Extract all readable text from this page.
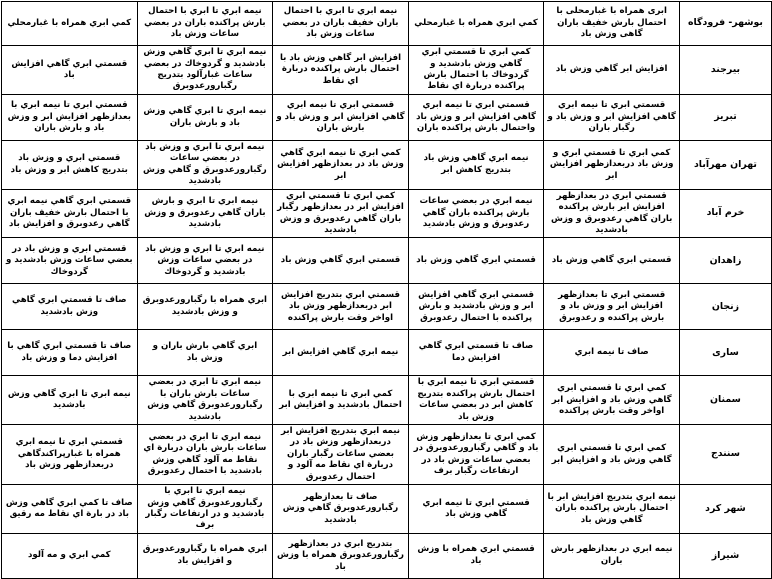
بوشهر- فرودگاه	ابری همراه با غبارمحلی با احتمال بارش خفیف باران گاهی وزش باد	كمي ابري همراه با غبارمحلي	نيمه ابري تا ابري با احتمال باران خفيف باران در بعضي ساعات وزش باد	نيمه ابري تا ابري با احتمال بارش پراكنده باران در بعضي ساعات وزش باد	كمي ابري همراه با غبارمحلي
بیرجند	افزايش ابر گاهي وزش باد	كمي ابري تا قسمتي ابري گاهي وزش بادشديد و گردوخاك با احتمال بارش پراكنده دربارة اي نقاط	افزايش ابر گاهي وزش باد با احتمال بارش پراكنده دربارة اي نقاط	نيمه ابري تا ابري گاهي وزش بادشديد و گردوخاك در بعضي ساعات غبارآلود بتدريج رگبارورعدوبرق	قسمتي ابري گاهي افزايش باد
تبریز	قسمتي ابري تا نيمه ابري گاهي افزايش ابر و وزش باد و رگبار باران	قسمتي ابري تا نيمه ابري گاهي افزايش ابر و وزش باد واحتمال بارش پراكنده باران	قسمتي ابري تا نيمه ابري گاهي افزايش ابر و وزش باد و بارش باران	نيمه ابري تا ابري گاهي وزش باد و بارش باران	قسمتي ابري تا نيمه ابري با بعدازظهر افزايش ابر و وزش باد و بارش باران
تهران مهرآباد	كمي ابري تا قسمتي ابري و وزش باد دربعدازظهر افزايش ابر	نيمه ابري گاهي وزش باد بتدريج كاهش ابر	كمي ابري تا نيمه ابري گاهي وزش باد در بعدازظهر افزايش ابر	نيمه ابري تا ابري و وزش باد در بعضي ساعات رگبارورعدوبرق و گاهي وزش بادشديد	قسمتي ابري و وزش باد بتدريج كاهش ابر و وزش باد
خرم آباد	قسمتي ابري در بعدازظهر افزايش ابر بارش پراكنده باران گاهي رعدوبرق و وزش بادشديد	نيمه ابري در بعضي ساعات بارش پراكنده باران گاهي رعدوبرق و وزش بادشديد	كمي ابري تا قسمتي ابري افزايش ابر در بعدازظهر رگبار باران گاهي رعدوبرق و وزش بادشديد	نيمه ابري تا ابري و بارش باران گاهي رعدوبرق و وزش بادشديد	قسمتي ابري گاهي نيمه ابري با احتمال بارش خفيف باران گاهي رعدوبرق و افزايش باد
زاهدان	قسمتي ابري گاهي وزش باد	قسمتي ابري گاهي وزش باد	قسمتي ابري گاهي وزش باد	نيمه ابري تا ابري و وزش باد در بعضي ساعات وزش بادشديد و گردوخاك	قسمتي ابري و وزش باد در بعضي ساعات وزش بادشديد و گردوخاك
زنجان	قسمتي ابري تا بعدازظهر افزايش ابر و وزش باد و بارش پراكنده و رعدوبرق	قسمتي ابري گاهي افزايش ابر و وزش بادشديد و بارش پراكنده با احتمال رعدوبرق	قسمتي ابري بتدريج افزايش ابر دربعدازظهر وزش باد اواخر وقت بارش پراكنده	ابري همراه با رگبارورعدوبرق و وزش بادشديد	صاف تا قسمتي ابري گاهي وزش بادشديد
ساری	صاف تا نيمه ابري	صاف تا قسمتي ابري گاهي افزايش دما	نيمه ابري گاهي افزايش ابر	ابري گاهي بارش باران و وزش باد	صاف تا قسمتي ابري گاهي با افزايش دما و وزش باد
سمنان	كمي ابري تا قسمتي ابري گاهي وزش باد و افزايش ابر اواخر وقت بارش پراكنده	قسمتي ابري تا نيمه ابري با احتمال بارش پراكنده بتدريج كاهش ابر در بعضي ساعات وزش باد	كمي ابري تا نيمه ابري با احتمال بادشديد و افزايش ابر	نيمه ابري تا ابري در بعضي ساعات بارش باران با رگبارورعدوبرق گاهي وزش بادشديد	نيمه ابري تا ابري گاهي وزش بادشديد
سنندج	كمي ابري تا قسمتي ابري گاهي وزش باد و افزايش ابر	كمي ابري تا بعدازظهر وزش باد و گاهي رگبارورعدوبرق در بعضي ساعات وزش باد در ارتفاعات رگبار برف	نيمه ابري بتدريج افزايش ابر دربعدازظهر وزش باد در بعضي ساعات رگبار باران دربارة اي نقاط مه آلود و احتمال رعدوبرق	نيمه ابري تا ابري در بعضي ساعات بارش باران دربارة اي نقاط مه آلود گاهي وزش بادشديد با احتمال رعدوبرق	قسمتي ابري تا نيمه ابري همراه با غبارپراكندگاهي دربعدازظهر وزش باد
شهر کرد	نيمه ابري بتدريج افزايش ابر با احتمال بارش پراكنده باران گاهي وزش باد	قسمتي ابري تا نيمه ابري گاهي وزش باد	صاف تا بعدازظهر رگبارورعدوبرق گاهي وزش بادشديد	نيمه ابري تا ابري با رگبارورعدوبرق گاهي وزش بادشديد و در ارتفاعات رگبار برف	صاف تا كمي ابري گاهي وزش باد در بارة اي نقاط مه رقيق
شیراز	نيمه ابري در بعدازظهر بارش باران	قسمتي ابري همراه با وزش باد	بتدريج ابري در بعدازظهر رگبارورعدوبرق همراه با وزش باد	ابري همراه با رگبارورعدوبرق و افزايش باد	كمي ابري و مه آلود
